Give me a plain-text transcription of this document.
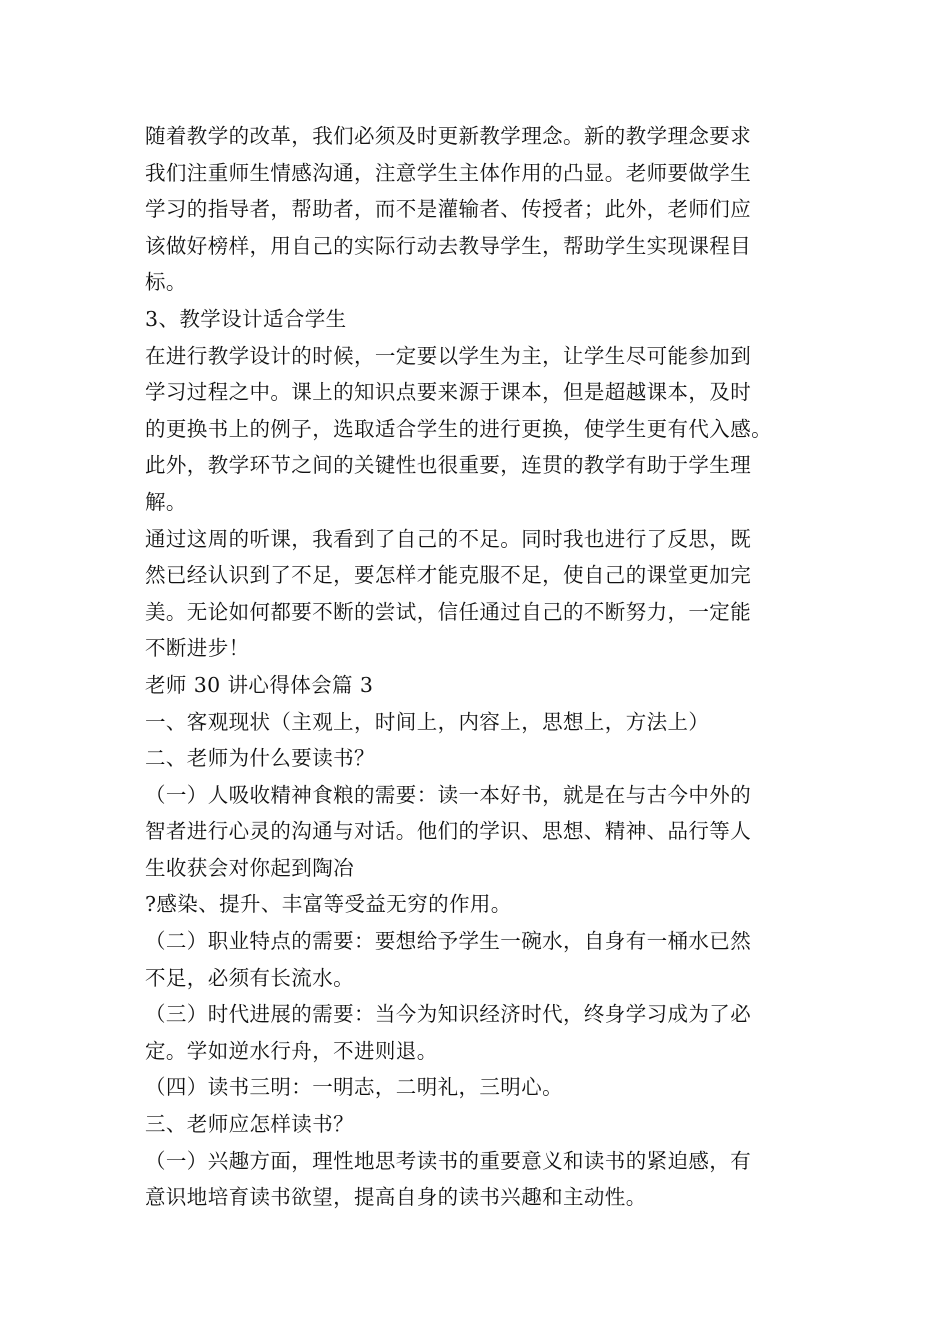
随着教学的改革，我们必须及时更新教学理念。新的教学理念要求
我们注重师生情感沟通，注意学生主体作用的凸显。老师要做学生
学习的指导者，帮助者，而不是灌输者、传授者；此外，老师们应
该做好榜样，用自己的实际行动去教导学生，帮助学生实现课程目
标。
3、教学设计适合学生
在进行教学设计的时候，一定要以学生为主，让学生尽可能参加到
学习过程之中。课上的知识点要来源于课本，但是超越课本，及时
的更换书上的例子，选取适合学生的进行更换，使学生更有代入感。
此外，教学环节之间的关键性也很重要，连贯的教学有助于学生理
解。
通过这周的听课，我看到了自己的不足。同时我也进行了反思，既
然已经认识到了不足，要怎样才能克服不足，使自己的课堂更加完
美。无论如何都要不断的尝试，信任通过自己的不断努力，一定能
不断进步！
老师 30 讲心得体会篇 3
一、客观现状（主观上，时间上，内容上，思想上，方法上）
二、老师为什么要读书？
（一）人吸收精神食粮的需要：读一本好书，就是在与古今中外的
智者进行心灵的沟通与对话。他们的学识、思想、精神、品行等人
生收获会对你起到陶冶
?感染、提升、丰富等受益无穷的作用。
（二）职业特点的需要：要想给予学生一碗水，自身有一桶水已然
不足，必须有长流水。
（三）时代进展的需要：当今为知识经济时代，终身学习成为了必
定。学如逆水行舟，不进则退。
（四）读书三明：一明志，二明礼，三明心。
三、老师应怎样读书？
（一）兴趣方面，理性地思考读书的重要意义和读书的紧迫感，有
意识地培育读书欲望，提高自身的读书兴趣和主动性。
